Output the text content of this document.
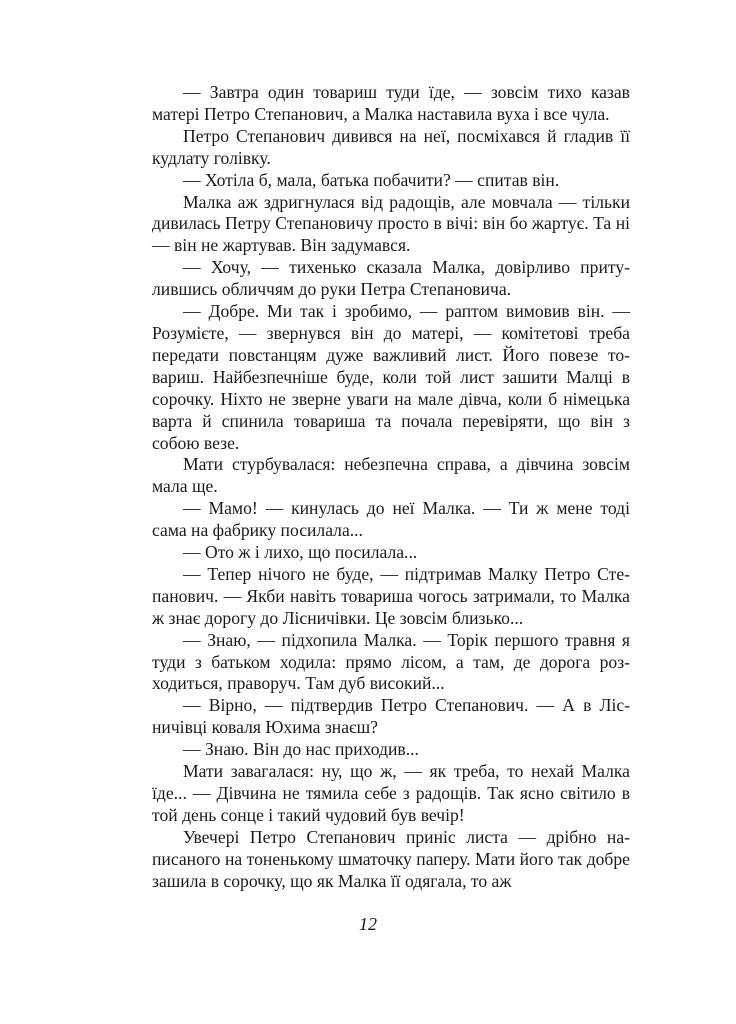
— Завтра один товариш туди їде, — зовсім тихо казав матері Петро Степанович, а Малка наставила вуха і все чула.

Петро Степанович дивився на неї, посміхався й гладив її кудлату голівку.

— Хотіла б, мала, батька побачити? — спитав він.

Малка аж здригнулася від радощів, але мовчала — тільки дивилась Петру Степановичу просто в вічі: він бо жартує. Та ні — він не жартував. Він задумався.

— Хочу, — тихенько сказала Малка, довірливо притулившись обличчям до руки Петра Степановича.

— Добре. Ми так і зробимо, — раптом вимовив він. — Розумієте, — звернувся він до матері, — комітетові треба передати повстанцям дуже важливий лист. Його повезе товариш. Найбезпечніше буде, коли той лист зашити Малці в сорочку. Ніхто не зверне уваги на мале дівча, коли б німецька варта й спинила товариша та почала перевіряти, що він з собою везе.

Мати стурбувалася: небезпечна справа, а дівчина зовсім мала ще.

— Мамо! — кинулась до неї Малка. — Ти ж мене тоді сама на фабрику посилала...

— Ото ж і лихо, що посилала...

— Тепер нічого не буде, — підтримав Малку Петро Степанович. — Якби навіть товариша чогось затримали, то Малка ж знає дорогу до Лісничівки. Це зовсім близько...

— Знаю, — підхопила Малка. — Торік першого травня я туди з батьком ходила: прямо лісом, а там, де дорога розходиться, праворуч. Там дуб високий...

— Вірно, — підтвердив Петро Степанович. — А в Лісничівці коваля Юхима знаєш?

— Знаю. Він до нас приходив...

Мати завагалася: ну, що ж, — як треба, то нехай Малка їде... — Дівчина не тямила себе з радощів. Так ясно світило в той день сонце і такий чудовий був вечір!

Увечері Петро Степанович приніс листа — дрібно написаного на тоненькому шматочку паперу. Мати його так добре зашила в сорочку, що як Малка її одягала, то аж

12
